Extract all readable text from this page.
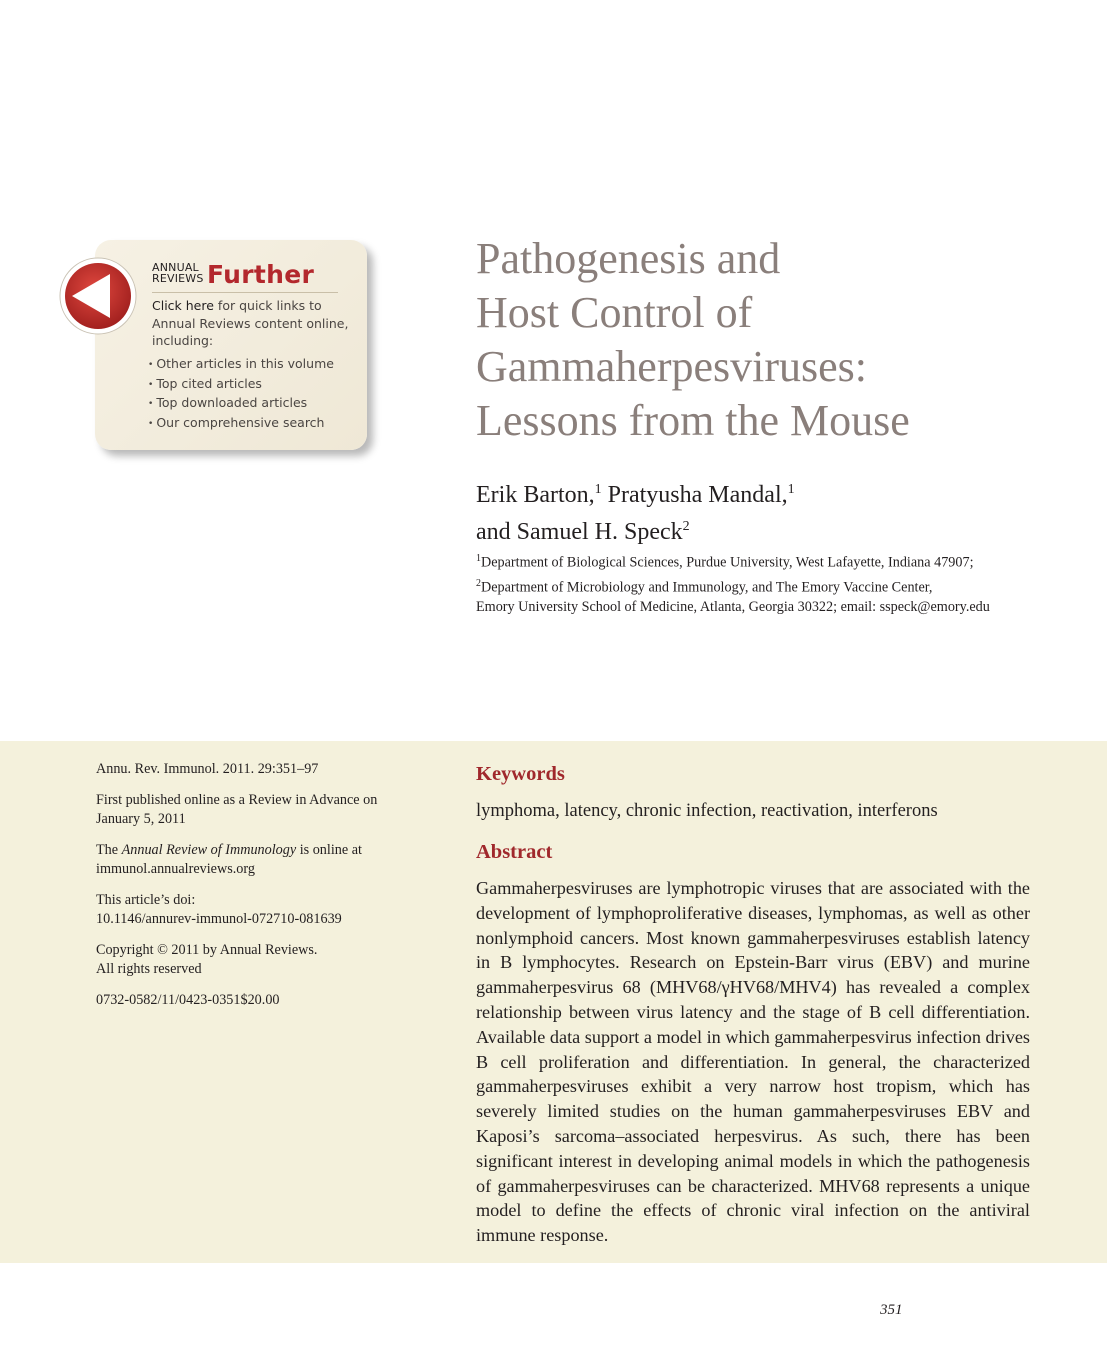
ANNUAL
REVIEWS Further
Click here for quick links to Annual Reviews content online, including:
• Other articles in this volume
• Top cited articles
• Top downloaded articles
• Our comprehensive search
Pathogenesis and
Host Control of
Gammaherpesviruses:
Lessons from the Mouse
Erik Barton,$^1$ Pratyusha Mandal,$^1$
and Samuel H. Speck$^2$
$^1$Department of Biological Sciences, Purdue University, West Lafayette, Indiana 47907;
$^2$Department of Microbiology and Immunology, and The Emory Vaccine Center,
Emory University School of Medicine, Atlanta, Georgia 30322; email: sspeck@emory.edu

Annu. Rev. Immunol. 2011. 29:351–97

First published online as a Review in Advance on January 5, 2011

The Annual Review of Immunology is online at immunol.annualreviews.org

This article’s doi:
10.1146/annurev-immunol-072710-081639

Copyright © 2011 by Annual Reviews.
All rights reserved

0732-0582/11/0423-0351$20.00

Keywords

lymphoma, latency, chronic infection, reactivation, interferons

Abstract

Gammaherpesviruses are lymphotropic viruses that are associated with the development of lymphoproliferative diseases, lymphomas, as well as other nonlymphoid cancers. Most known gammaherpesviruses establish latency in B lymphocytes. Research on Epstein-Barr virus (EBV) and murine gammaherpesvirus 68 (MHV68/γHV68/MHV4) has revealed a complex relationship between virus latency and the stage of B cell differentiation. Available data support a model in which gammaherpesvirus infection drives B cell proliferation and differentiation. In general, the characterized gammaherpesviruses exhibit a very narrow host tropism, which has severely limited studies on the human gammaherpesviruses EBV and Kaposi’s sarcoma–associated herpesvirus. As such, there has been significant interest in developing animal models in which the pathogenesis of gammaherpesviruses can be characterized. MHV68 represents a unique model to define the effects of chronic viral infection on the antiviral immune response.

351
